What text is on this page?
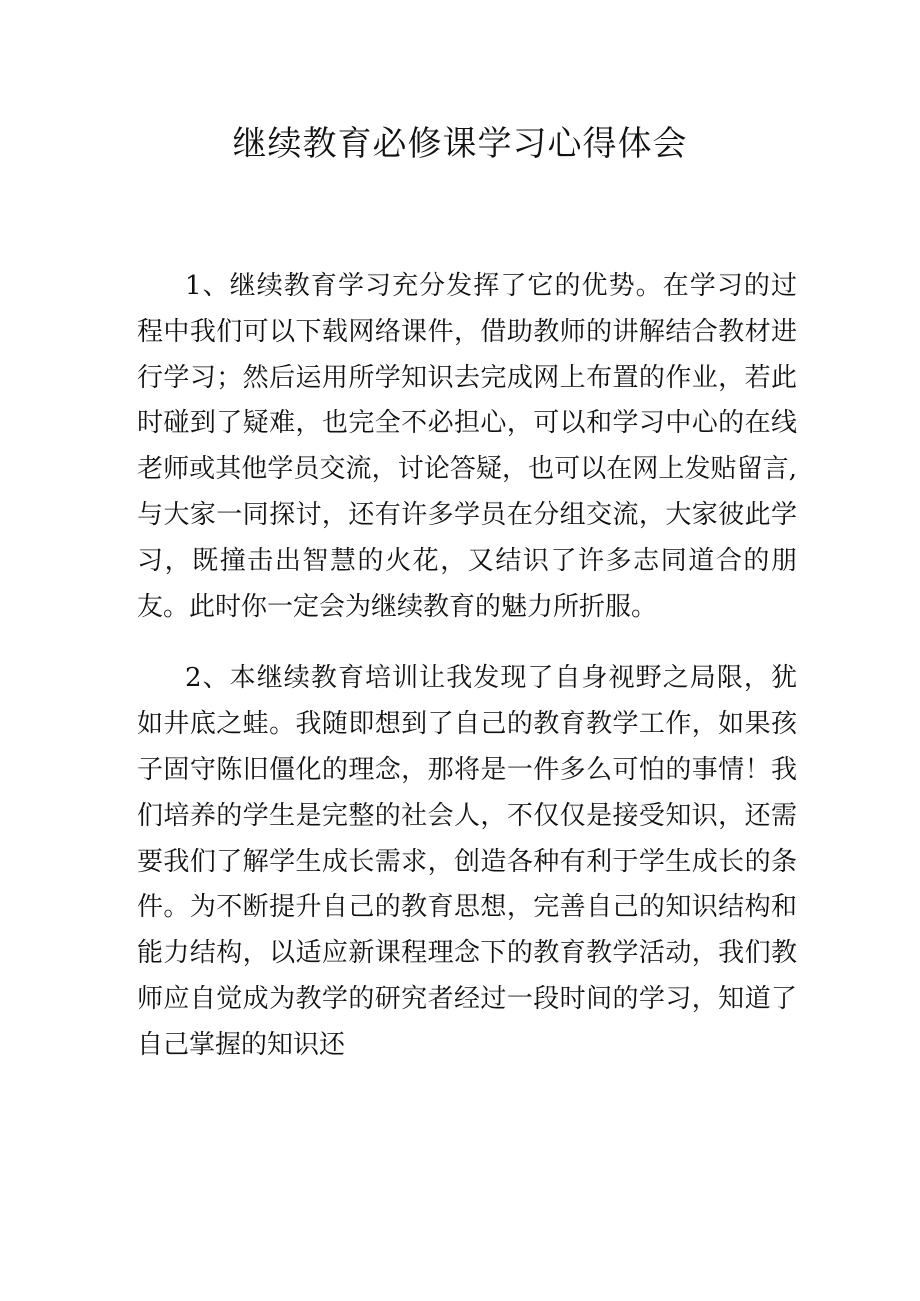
继续教育必修课学习心得体会

1、继续教育学习充分发挥了它的优势。在学习的过程中我们可以下载网络课件，借助教师的讲解结合教材进行学习；然后运用所学知识去完成网上布置的作业，若此时碰到了疑难，也完全不必担心，可以和学习中心的在线老师或其他学员交流，讨论答疑，也可以在网上发贴留言,与大家一同探讨，还有许多学员在分组交流，大家彼此学习，既撞击出智慧的火花，又结识了许多志同道合的朋友。此时你一定会为继续教育的魅力所折服。

2、本继续教育培训让我发现了自身视野之局限，犹如井底之蛙。我随即想到了自己的教育教学工作，如果孩子固守陈旧僵化的理念，那将是一件多么可怕的事情！我们培养的学生是完整的社会人，不仅仅是接受知识，还需要我们了解学生成长需求，创造各种有利于学生成长的条件。为不断提升自己的教育思想，完善自己的知识结构和能力结构，以适应新课程理念下的教育教学活动，我们教师应自觉成为教学的研究者经过一段时间的学习，知道了自己掌握的知识还
